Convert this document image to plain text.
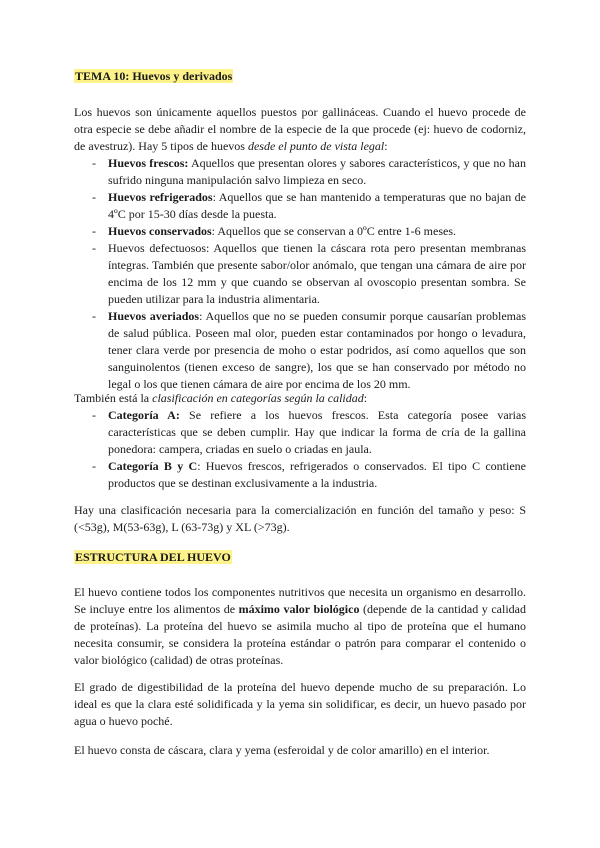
TEMA 10: Huevos y derivados

Los huevos son únicamente aquellos puestos por gallináceas. Cuando el huevo procede de otra especie se debe añadir el nombre de la especie de la que procede (ej: huevo de codorniz, de avestruz). Hay 5 tipos de huevos desde el punto de vista legal:

- Huevos frescos: Aquellos que presentan olores y sabores característicos, y que no han sufrido ninguna manipulación salvo limpieza en seco.
- Huevos refrigerados: Aquellos que se han mantenido a temperaturas que no bajan de 4ºC por 15-30 días desde la puesta.
- Huevos conservados: Aquellos que se conservan a 0ºC entre 1-6 meses.
- Huevos defectuosos: Aquellos que tienen la cáscara rota pero presentan membranas íntegras. También que presente sabor/olor anómalo, que tengan una cámara de aire por encima de los 12 mm y que cuando se observan al ovoscopio presentan sombra. Se pueden utilizar para la industria alimentaria.
- Huevos averiados: Aquellos que no se pueden consumir porque causarían problemas de salud pública. Poseen mal olor, pueden estar contaminados por hongo o levadura, tener clara verde por presencia de moho o estar podridos, así como aquellos que son sanguinolentos (tienen exceso de sangre), los que se han conservado por método no legal o los que tienen cámara de aire por encima de los 20 mm.

También está la clasificación en categorías según la calidad:

- Categoría A: Se refiere a los huevos frescos. Esta categoría posee varias características que se deben cumplir. Hay que indicar la forma de cría de la gallina ponedora: campera, criadas en suelo o criadas en jaula.
- Categoría B y C: Huevos frescos, refrigerados o conservados. El tipo C contiene productos que se destinan exclusivamente a la industria.

Hay una clasificación necesaria para la comercialización en función del tamaño y peso: S (<53g), M(53-63g), L (63-73g) y XL (>73g).

ESTRUCTURA DEL HUEVO

El huevo contiene todos los componentes nutritivos que necesita un organismo en desarrollo. Se incluye entre los alimentos de máximo valor biológico (depende de la cantidad y calidad de proteínas). La proteína del huevo se asimila mucho al tipo de proteína que el humano necesita consumir, se considera la proteína estándar o patrón para comparar el contenido o valor biológico (calidad) de otras proteínas.

El grado de digestibilidad de la proteína del huevo depende mucho de su preparación. Lo ideal es que la clara esté solidificada y la yema sin solidificar, es decir, un huevo pasado por agua o huevo poché.

El huevo consta de cáscara, clara y yema (esferoidal y de color amarillo) en el interior.
